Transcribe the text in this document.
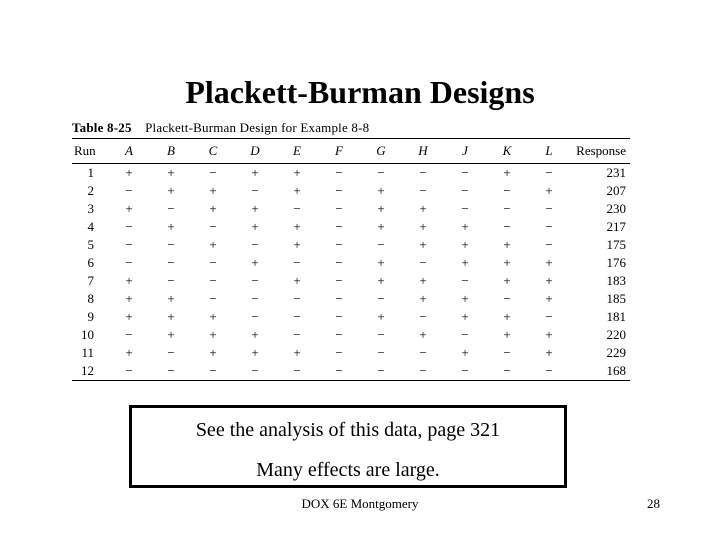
Plackett-Burman Designs
Table 8-25 Plackett-Burman Design for Example 8-8
Run	A	B	C	D	E	F	G	H	J	K	L	Response
1	+	+	−	+	+	−	−	−	−	+	−	231
2	−	+	+	−	+	−	+	−	−	−	+	207
3	+	−	+	+	−	−	+	+	−	−	−	230
4	−	+	−	+	+	−	+	+	+	−	−	217
5	−	−	+	−	+	−	−	+	+	+	−	175
6	−	−	−	+	−	−	+	−	+	+	+	176
7	+	−	−	−	+	−	+	+	−	+	+	183
8	+	+	−	−	−	−	−	+	+	−	+	185
9	+	+	+	−	−	−	+	−	+	+	−	181
10	−	+	+	+	−	−	−	+	−	+	+	220
11	+	−	+	+	+	−	−	−	+	−	+	229
12	−	−	−	−	−	−	−	−	−	−	−	168
See the analysis of this data, page 321
Many effects are large.
DOX 6E Montgomery	28
